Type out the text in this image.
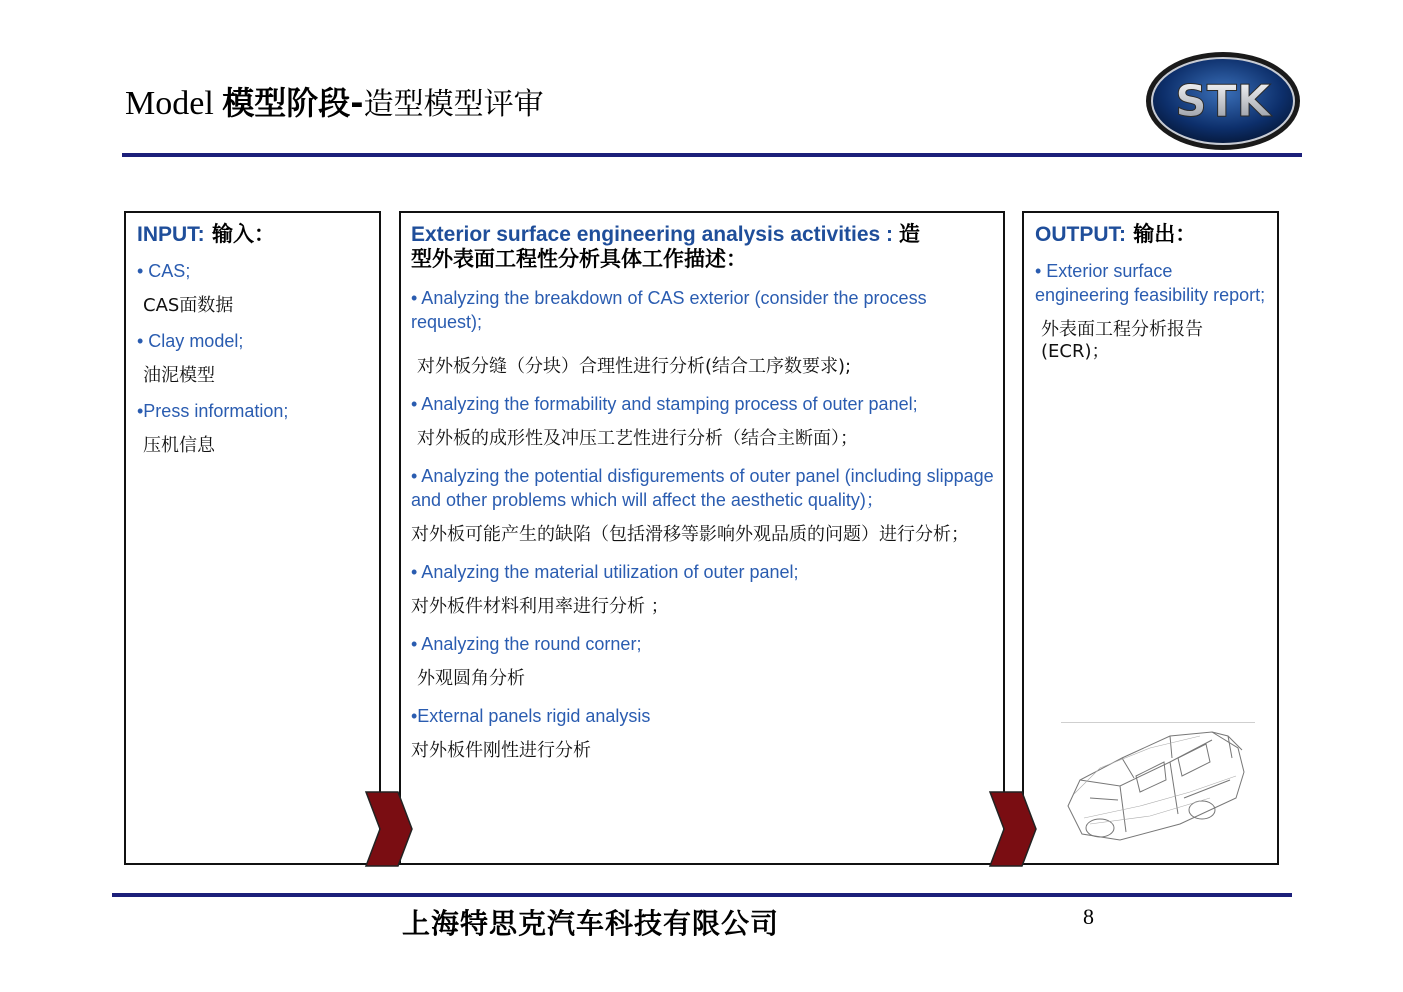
Model 模型阶段-造型模型评审	STK
INPUT: 输入：
• CAS;
CAS面数据
• Clay model;
油泥模型
•Press information;
压机信息
Exterior surface engineering analysis activities : 造
型外表面工程性分析具体工作描述：
• Analyzing the breakdown of CAS exterior (consider the process request);
对外板分缝（分块）合理性进行分析(结合工序数要求);
• Analyzing the formability and stamping process of outer panel;
对外板的成形性及冲压工艺性进行分析（结合主断面）；
• Analyzing the potential disfigurements of outer panel (including slippage and other problems which will affect the aesthetic quality)；
对外板可能产生的缺陷（包括滑移等影响外观品质的问题）进行分析；
• Analyzing the material utilization of outer panel;
对外板件材料利用率进行分析 ；
• Analyzing the round corner;
外观圆角分析
•External panels rigid analysis
对外板件刚性进行分析
OUTPUT: 输出：
• Exterior surface engineering feasibility report;
外表面工程分析报告(ECR)；
上海特思克汽车科技有限公司	8
